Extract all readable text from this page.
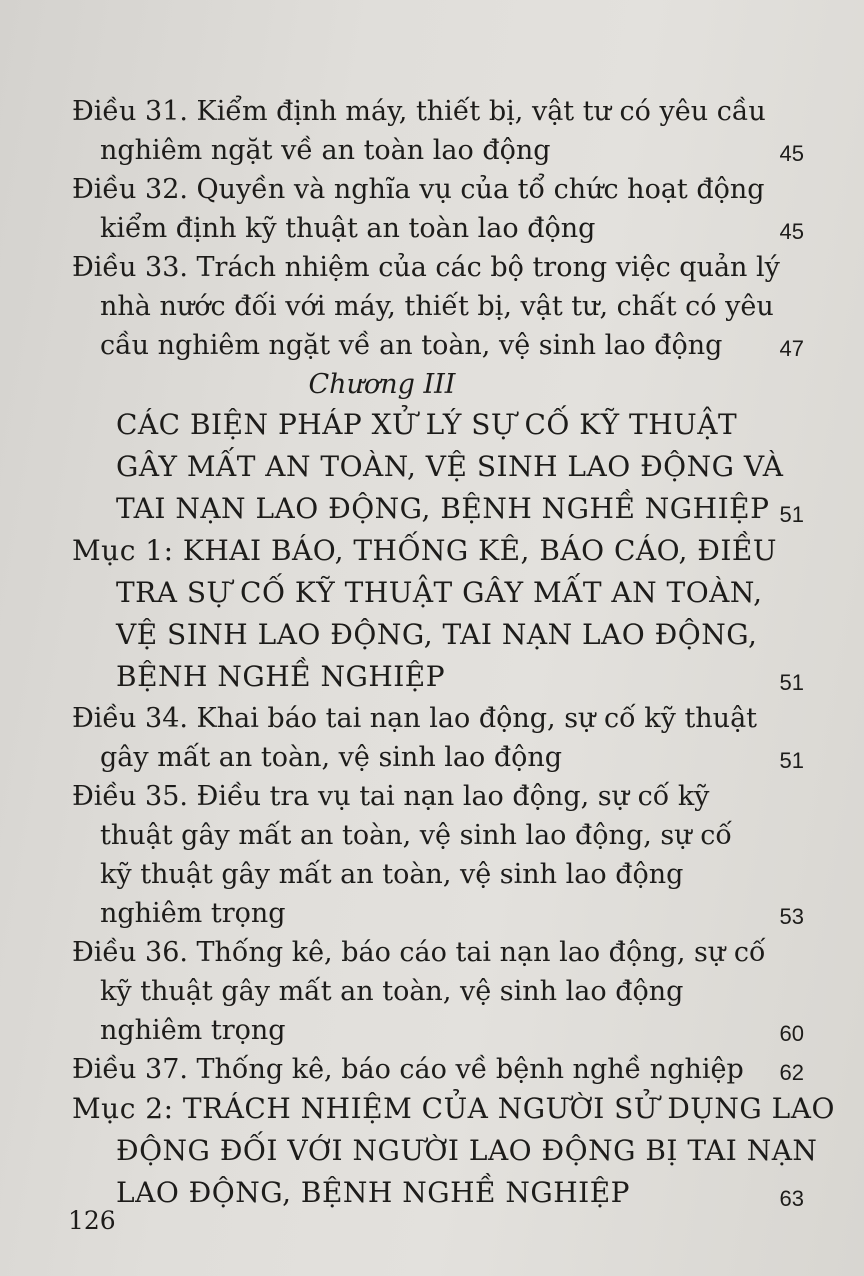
Điều 31. Kiểm định máy, thiết bị, vật tư có yêu cầu
nghiêm ngặt về an toàn lao động	45
Điều 32. Quyền và nghĩa vụ của tổ chức hoạt động
kiểm định kỹ thuật an toàn lao động	45
Điều 33. Trách nhiệm của các bộ trong việc quản lý
nhà nước đối với máy, thiết bị, vật tư, chất có yêu
cầu nghiêm ngặt về an toàn, vệ sinh lao động	47
Chương III
CÁC BIỆN PHÁP XỬ LÝ SỰ CỐ KỸ THUẬT
GÂY MẤT AN TOÀN, VỆ SINH LAO ĐỘNG VÀ
TAI NẠN LAO ĐỘNG, BỆNH NGHỀ NGHIỆP 51
Mục 1: KHAI BÁO, THỐNG KÊ, BÁO CÁO, ĐIỀU
TRA SỰ CỐ KỸ THUẬT GÂY MẤT AN TOÀN,
VỆ SINH LAO ĐỘNG, TAI NẠN LAO ĐỘNG,
BỆNH NGHỀ NGHIỆP	51
Điều 34. Khai báo tai nạn lao động, sự cố kỹ thuật
gây mất an toàn, vệ sinh lao động	51
Điều 35. Điều tra vụ tai nạn lao động, sự cố kỹ
thuật gây mất an toàn, vệ sinh lao động, sự cố
kỹ thuật gây mất an toàn, vệ sinh lao động
nghiêm trọng	53
Điều 36. Thống kê, báo cáo tai nạn lao động, sự cố
kỹ thuật gây mất an toàn, vệ sinh lao động
nghiêm trọng	60
Điều 37. Thống kê, báo cáo về bệnh nghề nghiệp	62
Mục 2: TRÁCH NHIỆM CỦA NGƯỜI SỬ DỤNG LAO
ĐỘNG ĐỐI VỚI NGƯỜI LAO ĐỘNG BỊ TAI NẠN
LAO ĐỘNG, BỆNH NGHỀ NGHIỆP	63
126
